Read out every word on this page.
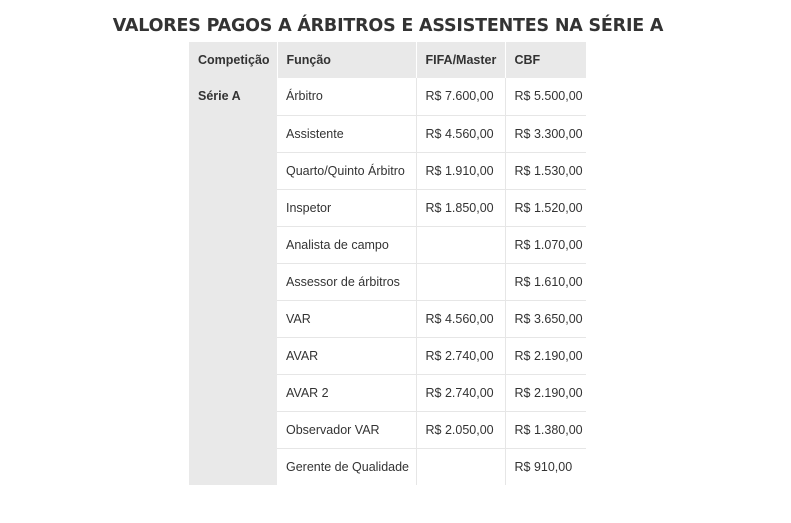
VALORES PAGOS A ÁRBITROS E ASSISTENTES NA SÉRIE A
Competição	Função	FIFA/Master	CBF
Série A	Árbitro	R$ 7.600,00	R$ 5.500,00
	Assistente	R$ 4.560,00	R$ 3.300,00
	Quarto/Quinto Árbitro	R$ 1.910,00	R$ 1.530,00
	Inspetor	R$ 1.850,00	R$ 1.520,00
	Analista de campo		R$ 1.070,00
	Assessor de árbitros		R$ 1.610,00
	VAR	R$ 4.560,00	R$ 3.650,00
	AVAR	R$ 2.740,00	R$ 2.190,00
	AVAR 2	R$ 2.740,00	R$ 2.190,00
	Observador VAR	R$ 2.050,00	R$ 1.380,00
	Gerente de Qualidade		R$ 910,00
